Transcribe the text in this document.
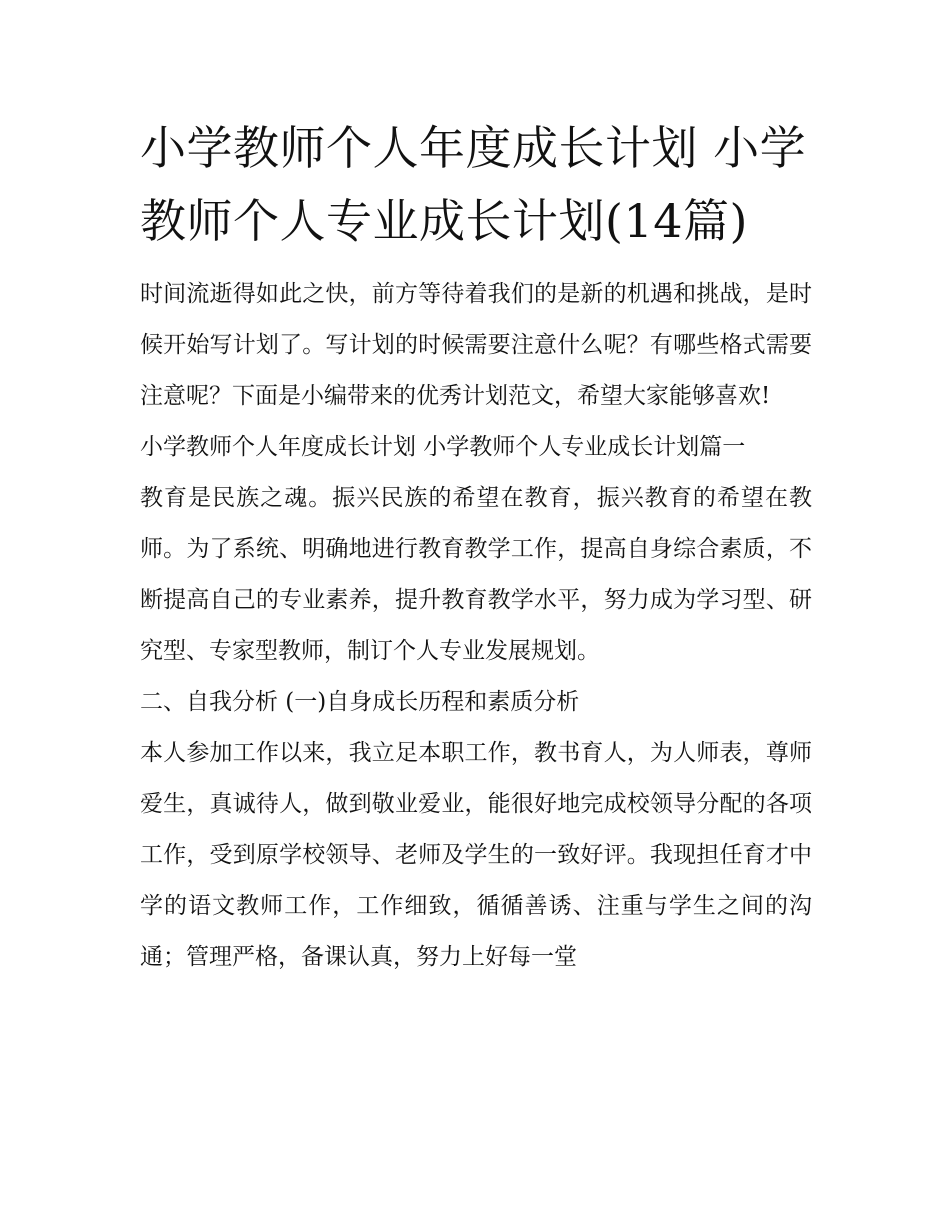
小学教师个人年度成长计划 小学教师个人专业成长计划(14篇)

时间流逝得如此之快，前方等待着我们的是新的机遇和挑战，是时候开始写计划了。写计划的时候需要注意什么呢？有哪些格式需要注意呢？下面是小编带来的优秀计划范文，希望大家能够喜欢!

小学教师个人年度成长计划 小学教师个人专业成长计划篇一

教育是民族之魂。振兴民族的希望在教育，振兴教育的希望在教师。为了系统、明确地进行教育教学工作，提高自身综合素质，不断提高自己的专业素养，提升教育教学水平，努力成为学习型、研究型、专家型教师，制订个人专业发展规划。

二、自我分析 (一)自身成长历程和素质分析

本人参加工作以来，我立足本职工作，教书育人，为人师表，尊师爱生，真诚待人，做到敬业爱业，能很好地完成校领导分配的各项工作，受到原学校领导、老师及学生的一致好评。我现担任育才中学的语文教师工作，工作细致，循循善诱、注重与学生之间的沟通；管理严格，备课认真，努力上好每一堂
